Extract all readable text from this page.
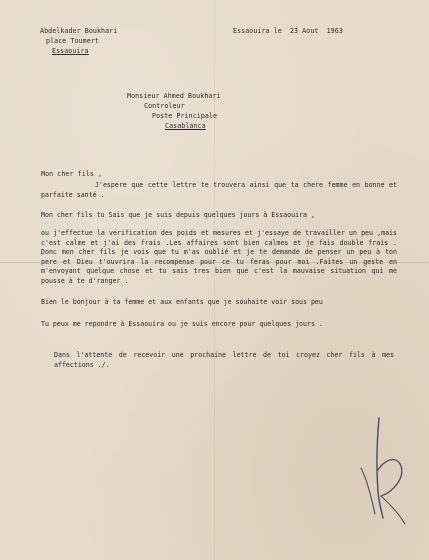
Abdelkader Boukhari
place Toumert
Essaouira
Essaouira le  23 Aout  1963
Monsieur Ahmed Boukhari
Controleur
Poste Principale
Casablanca
Mon cher fils ,
J'espere que cette lettre te trouvera ainsi que ta chere femme en bonne et parfaite santé .
Mon cher fils tu Sais que je suis depuis quelques jours à Essaouira ,
ou j'effectue la verification des poids et mesures et j'essaye de travailler un peu ,mais c'est calme et j'ai des frais .Les affaires sont bien calmes et je fais double frais . Donc mon cher fils je vois que tu m'as oublié et je te demande de penser un peu à ton pere et Dieu t'ouvrira la recompense pour ce tu feras pour moi .Faites un geste en m'envoyant quelque chose et tu sais tres bien que c'est la mauvaise situation qui me pousse à te d'ranger .
Bien le bonjour à ta femme et aux enfants que je souhaite voir sous peu
Tu peux me repondre à Essaouira ou je suis encore pour quelques jours .
Dans l'attente de recevoir une prochaine lettre de toi croyez cher fils à mes affections ./.
